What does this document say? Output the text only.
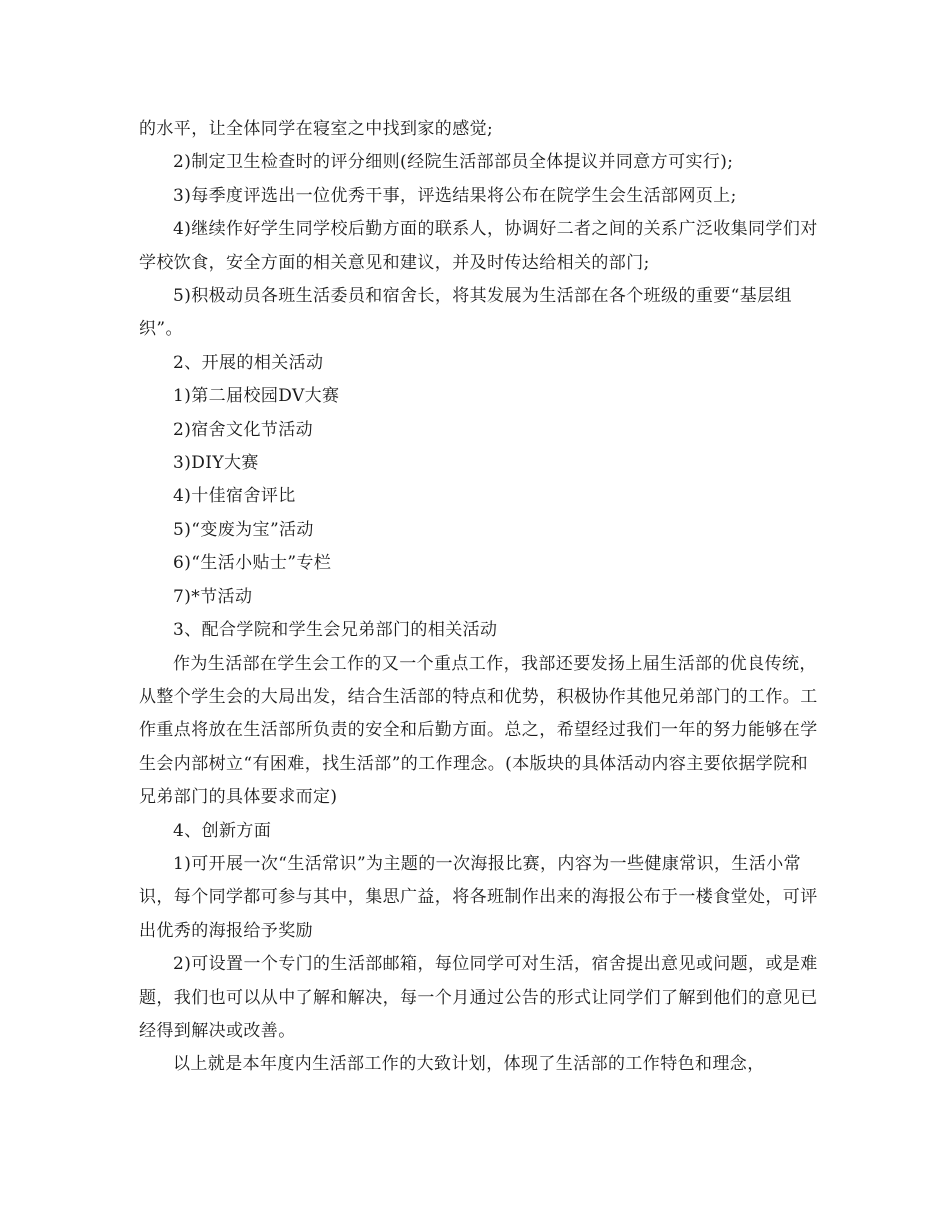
的水平，让全体同学在寝室之中找到家的感觉;

2)制定卫生检查时的评分细则(经院生活部部员全体提议并同意方可实行);

3)每季度评选出一位优秀干事，评选结果将公布在院学生会生活部网页上;

4)继续作好学生同学校后勤方面的联系人，协调好二者之间的关系广泛收集同学们对学校饮食，安全方面的相关意见和建议，并及时传达给相关的部门;

5)积极动员各班生活委员和宿舍长，将其发展为生活部在各个班级的重要“基层组织”。

2、开展的相关活动

1)第二届校园DV大赛

2)宿舍文化节活动

3)DIY大赛

4)十佳宿舍评比

5)“变废为宝”活动

6)“生活小贴士”专栏

7)*节活动

3、配合学院和学生会兄弟部门的相关活动

作为生活部在学生会工作的又一个重点工作，我部还要发扬上届生活部的优良传统，从整个学生会的大局出发，结合生活部的特点和优势，积极协作其他兄弟部门的工作。工作重点将放在生活部所负责的安全和后勤方面。总之，希望经过我们一年的努力能够在学生会内部树立“有困难，找生活部”的工作理念。(本版块的具体活动内容主要依据学院和兄弟部门的具体要求而定)

4、创新方面

1)可开展一次“生活常识”为主题的一次海报比赛，内容为一些健康常识，生活小常识，每个同学都可参与其中，集思广益，将各班制作出来的海报公布于一楼食堂处，可评出优秀的海报给予奖励

2)可设置一个专门的生活部邮箱，每位同学可对生活，宿舍提出意见或问题，或是难题，我们也可以从中了解和解决，每一个月通过公告的形式让同学们了解到他们的意见已经得到解决或改善。

以上就是本年度内生活部工作的大致计划，体现了生活部的工作特色和理念，
